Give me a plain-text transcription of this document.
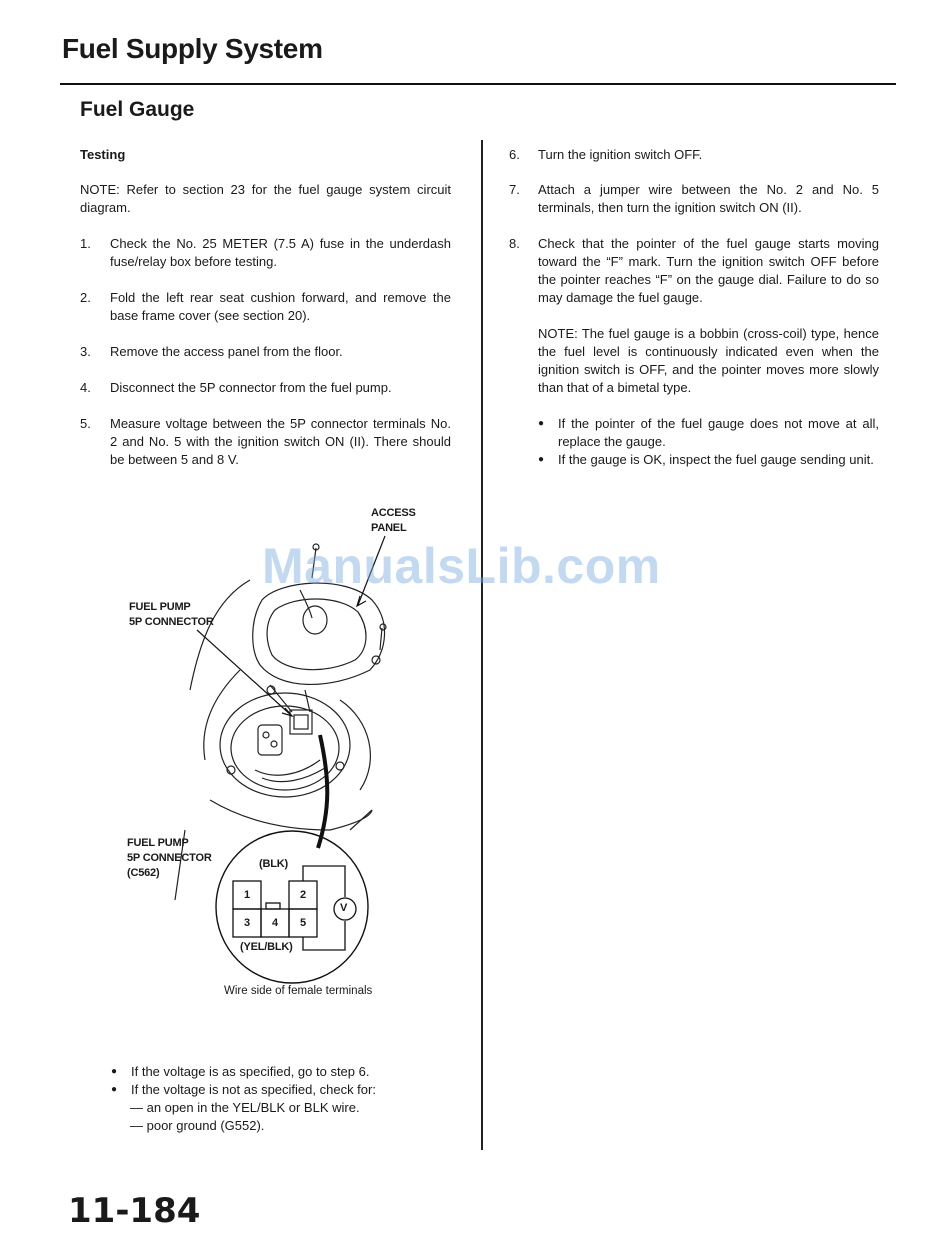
Fuel Supply System
Fuel Gauge
Testing
NOTE: Refer to section 23 for the fuel gauge system circuit diagram.
1. Check the No. 25 METER (7.5 A) fuse in the underdash fuse/relay box before testing.
2. Fold the left rear seat cushion forward, and remove the base frame cover (see section 20).
3. Remove the access panel from the floor.
4. Disconnect the 5P connector from the fuel pump.
5. Measure voltage between the 5P connector terminals No. 2 and No. 5 with the ignition switch ON (II). There should be between 5 and 8 V.
ACCESS
PANEL
FUEL PUMP
5P CONNECTOR
FUEL PUMP
5P CONNECTOR
(C562)
(BLK)
(YEL/BLK)
1	2
3 4 5
V
Wire side of female terminals
● If the voltage is as specified, go to step 6.
● If the voltage is not as specified, check for:
— an open in the YEL/BLK or BLK wire.
— poor ground (G552).
6. Turn the ignition switch OFF.
7. Attach a jumper wire between the No. 2 and No. 5 terminals, then turn the ignition switch ON (II).
8. Check that the pointer of the fuel gauge starts moving toward the “F” mark. Turn the ignition switch OFF before the pointer reaches “F” on the gauge dial. Failure to do so may damage the fuel gauge.
NOTE: The fuel gauge is a bobbin (cross-coil) type, hence the fuel level is continuously indicated even when the ignition switch is OFF, and the pointer moves more slowly than that of a bimetal type.
● If the pointer of the fuel gauge does not move at all, replace the gauge.
● If the gauge is OK, inspect the fuel gauge sending unit.
ManualsLib.com
11-184
